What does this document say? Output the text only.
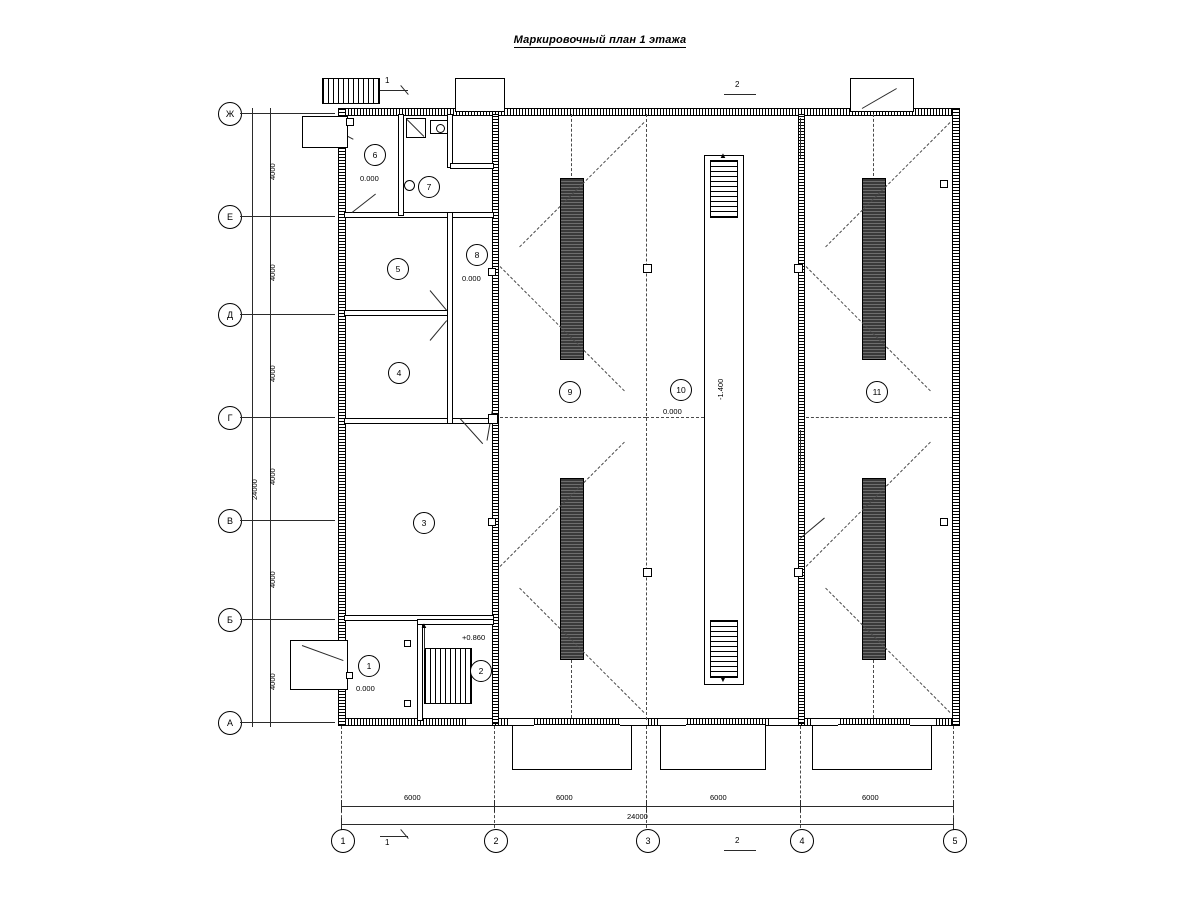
Маркировочный план 1 этажа
Ж
Е
Д
Г
В
Б
А
4000
4000
4000
4000
4000
4000
24000
▲
▼
-1.400
▲
+0.860
1
0.000
2
3
4
5
6
0.000
7
8
0.000
9	10
0.000
11
1	2
1	2
6000	6000	6000	6000
24000
1	2	3	4	5
